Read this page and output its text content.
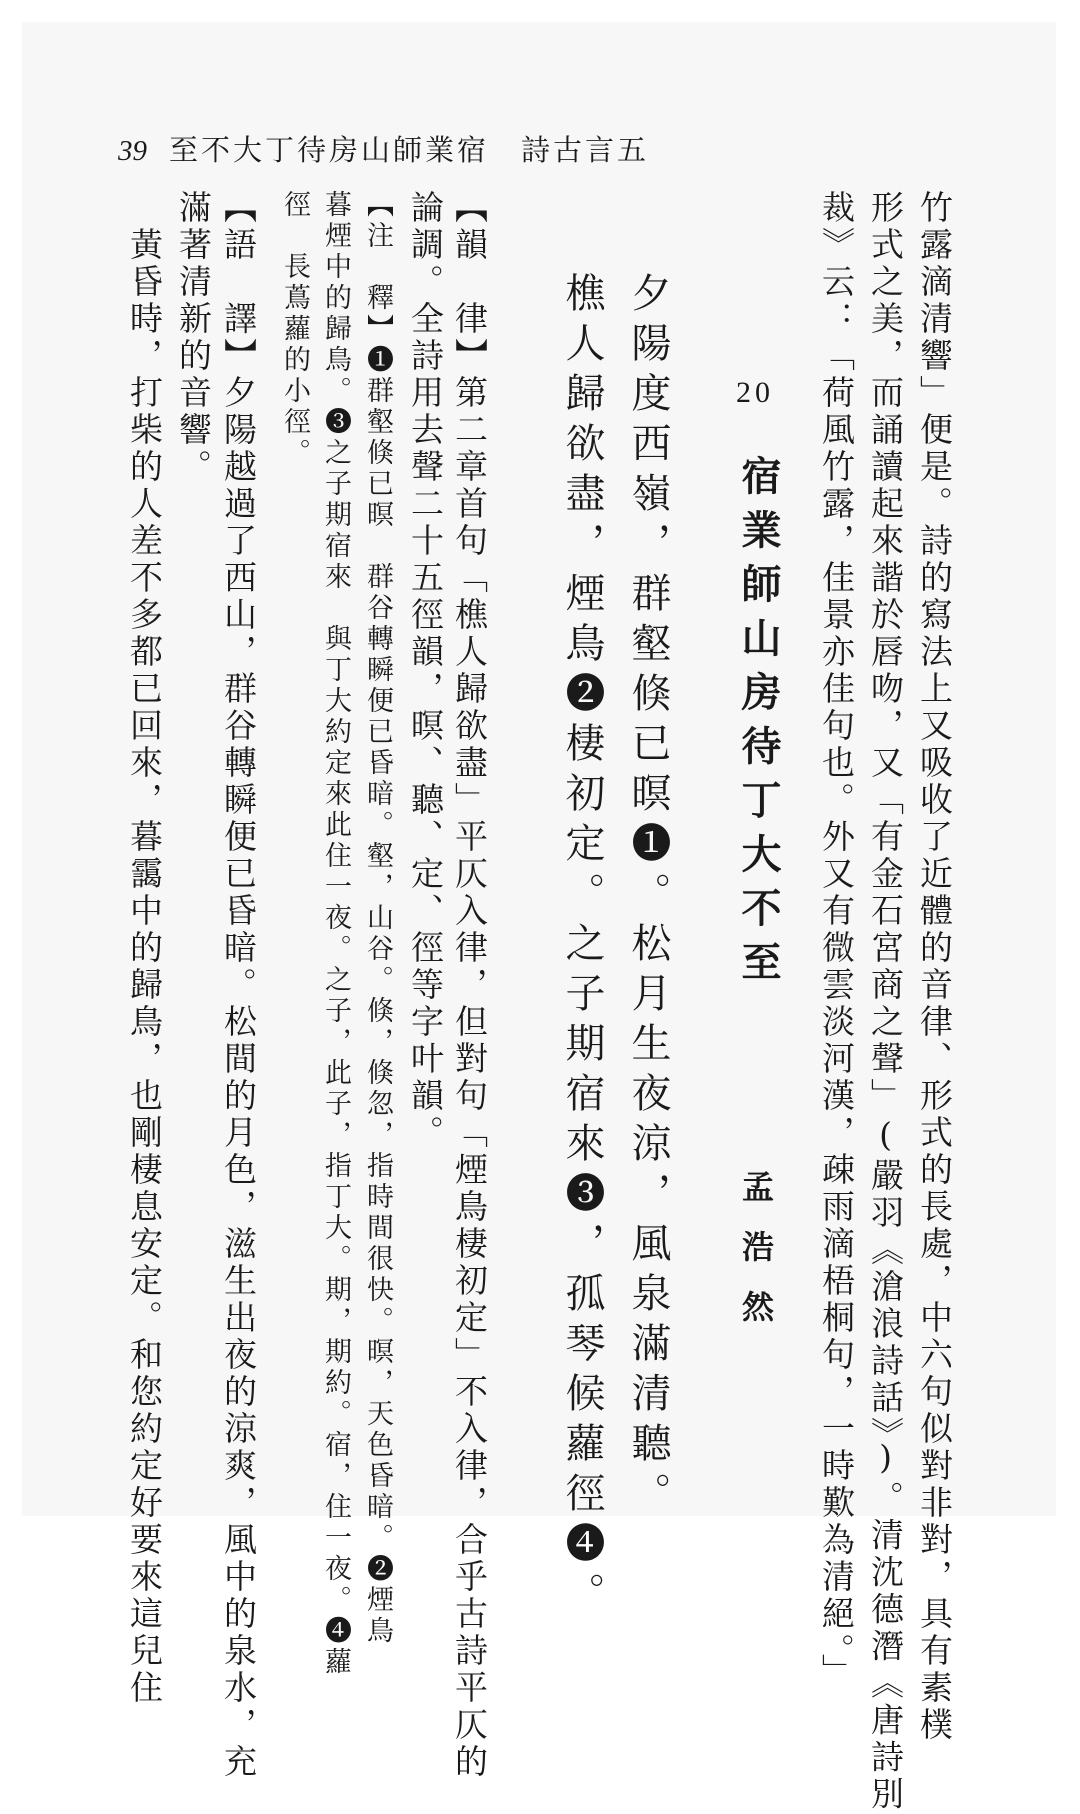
39 至不大丁待房山師業宿　詩古言五
竹露滴清響」便是。詩的寫法上又吸收了近體的音律、形式的長處，中六句似對非對，具有素樸
形式之美，而誦讀起來諧於唇吻，又「有金石宮商之聲」(嚴羽《滄浪詩話》)。清沈德潛《唐詩別
裁》云：「荷風竹露，佳景亦佳句也。外又有微雲淡河漢，疎雨滴梧桐句，一時歎為清絕。」
20
宿業師山房待丁大不至
孟浩然
夕陽度西嶺，群壑倏已暝❶。松月生夜涼，風泉滿清聽。
樵人歸欲盡，煙鳥❷棲初定。之子期宿來❸，孤琴候蘿徑❹。
【韻　律】第二章首句「樵人歸欲盡」平仄入律，但對句「煙鳥棲初定」不入律，合乎古詩平仄的
論調。全詩用去聲二十五徑韻，暝、聽、定、徑等字叶韻。
【注　釋】❶群壑倏已暝　群谷轉瞬便已昏暗。壑，山谷。倏，倏忽，指時間很快。暝，天色昏暗。❷煙鳥
暮煙中的歸鳥。❸之子期宿來　與丁大約定來此住一夜。之子，此子，指丁大。期，期約。宿，住一夜。❹蘿
徑　長蔦蘿的小徑。
【語　譯】夕陽越過了西山，群谷轉瞬便已昏暗。松間的月色，滋生出夜的涼爽，風中的泉水，充
滿著清新的音響。
　黃昏時，打柴的人差不多都已回來，暮靄中的歸鳥，也剛棲息安定。和您約定好要來這兒住
